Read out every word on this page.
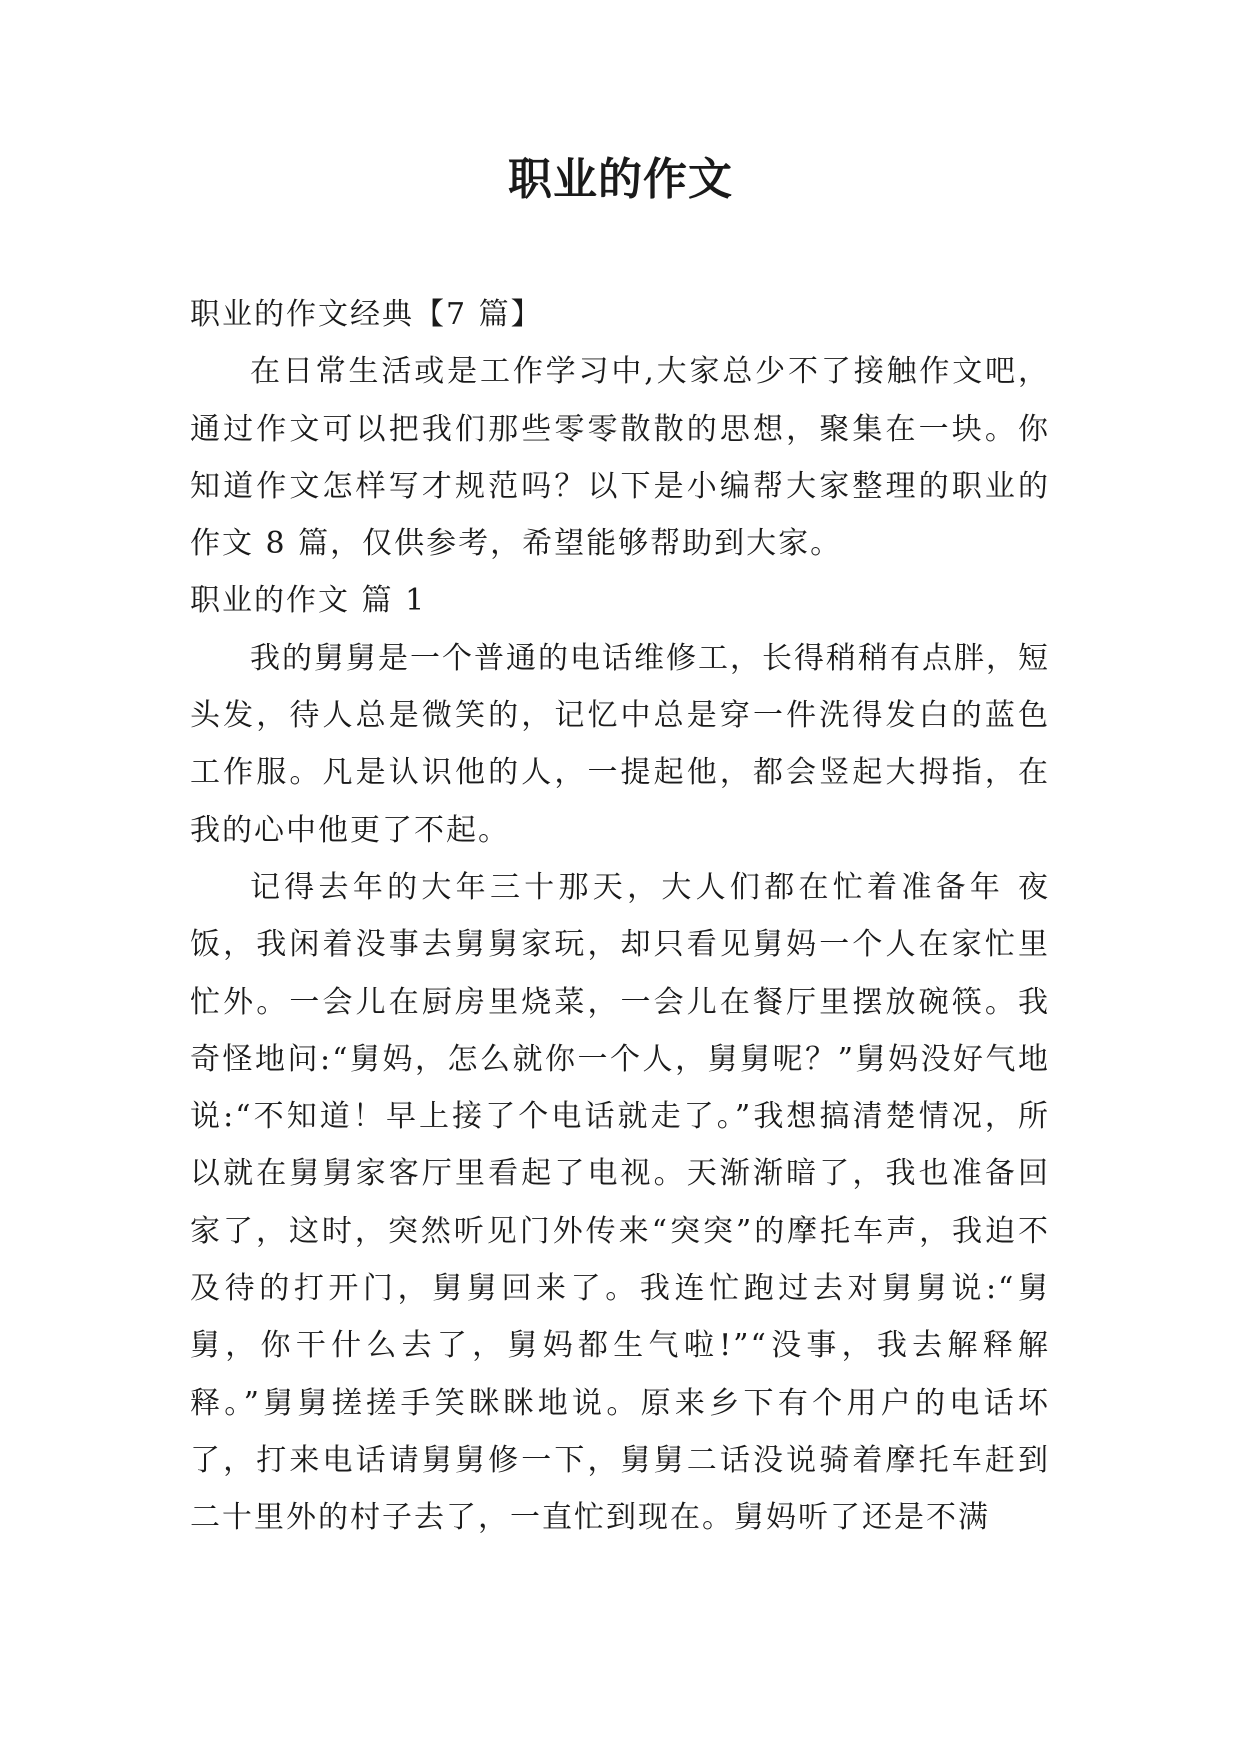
职业的作文

职业的作文经典【7 篇】

在日常生活或是工作学习中,大家总少不了接触作文吧，通过作文可以把我们那些零零散散的思想，聚集在一块。你知道作文怎样写才规范吗？以下是小编帮大家整理的职业的作文 8 篇，仅供参考，希望能够帮助到大家。

职业的作文 篇 1

我的舅舅是一个普通的电话维修工，长得稍稍有点胖，短头发，待人总是微笑的，记忆中总是穿一件洗得发白的蓝色工作服。凡是认识他的人，一提起他，都会竖起大拇指，在我的心中他更了不起。

记得去年的大年三十那天，大人们都在忙着准备年 夜饭，我闲着没事去舅舅家玩，却只看见舅妈一个人在家忙里忙外。一会儿在厨房里烧菜，一会儿在餐厅里摆放碗筷。我奇怪地问:“舅妈，怎么就你一个人，舅舅呢？”舅妈没好气地说:“不知道！早上接了个电话就走了。”我想搞清楚情况，所以就在舅舅家客厅里看起了电视。天渐渐暗了，我也准备回家了，这时，突然听见门外传来“突突”的摩托车声，我迫不及待的打开门，舅舅回来了。我连忙跑过去对舅舅说:“舅舅，你干什么去了，舅妈都生气啦!”“没事，我去解释解释。”舅舅搓搓手笑眯眯地说。原来乡下有个用户的电话坏了，打来电话请舅舅修一下，舅舅二话没说骑着摩托车赶到二十里外的村子去了，一直忙到现在。舅妈听了还是不满
